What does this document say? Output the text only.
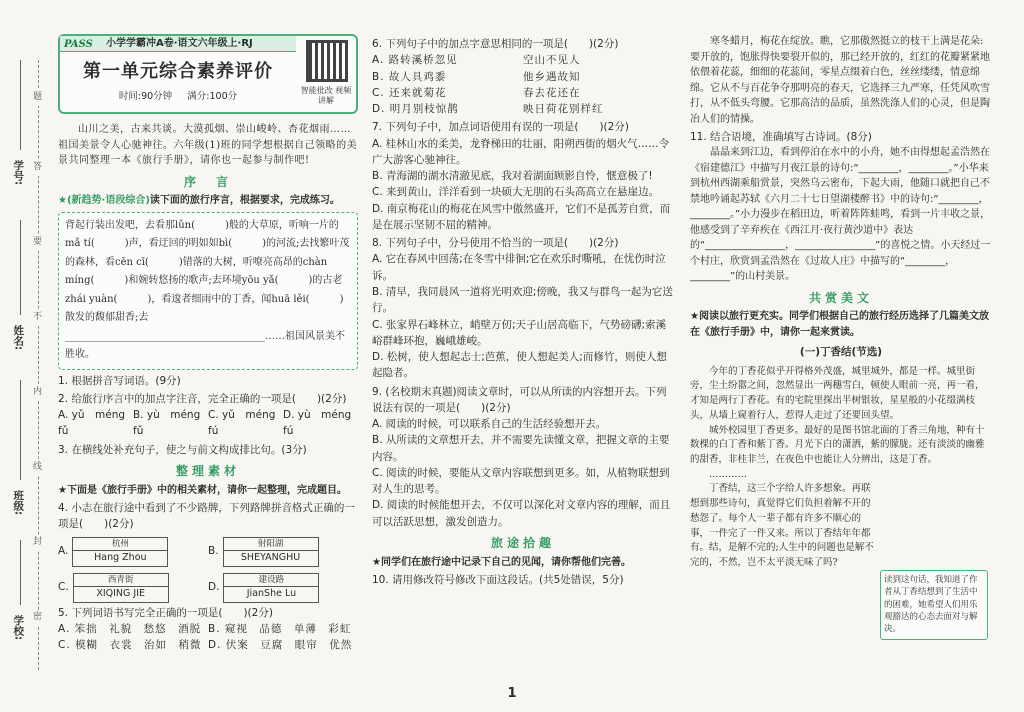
学号:
姓名:
班级:
学校:
题
答
要
不
内
线
封
密
PASS 小学学霸冲A卷·语文六年级上·RJ
第一单元综合素养评价
时间:90分钟 满分:100分
智能批改 视频讲解

山川之美，古来共谈。大漠孤烟、崇山峻岭、杏花烟雨……祖国美景令人心驰神往。六年级(1)班的同学想根据自己领略的美景共同整理一本《旅行手册》，请你也一起参与制作吧!

序　言

★(新趋势·语段综合)读下面的旅行序言，根据要求，完成练习。

背起行装出发吧，去看那lǔn(　　　)般的大草原，听响一片的mǎ tí(　　　)声，看迂回的明如如bì(　　　)的河流;去找繁叶茂的森林，看cēn cī(　　　)错落的大树，听嘹亮高昂的chàn míng(　　　)和婉转悠扬的歌声;去环境yōu yǎ(　　　)的古老zhái yuàn(　　　)，看逡者细雨中的丁香，闻huā lěi(　　　)散发的馥郁甜香;去________________________________________……祖国风景美不胜收。

1. 根据拼音写词语。(9分)

2. 给旅行序言中的加点字注音，完全正确的一项是(　　)(2分)

A. yǔ　méng　fǔ
B. yù　méng　fǔ
C. yǔ　méng　fú
D. yù　méng　fú

3. 在横线处补充句子，使之与前文构成排比句。(3分)

整理素材

★下面是《旅行手册》中的相关素材，请你一起整理，完成题目。

4. 小志在旅行途中看到了不少路牌，下列路牌拼音格式正确的一项是(　　)(2分)

A.
杭州
Hang Zhou	B.
射阳湖
SHEYANGHU
C.
西青街
XIQING JIE	D.
建设路
JianShe Lu

5. 下列词语书写完全正确的一项是(　　)(2分)

A. 笨拙　礼貌　愁悠　酒脱 B. 窥视　品德　单薄　彩虹
C. 模糊　衣裳　治如　稍微 D. 伏案　豆腐　眼帘　优然

6. 下列句子中的加点字意思相同的一项是(　　)(2分)

A. 路转溪桥忽见	空山不见人
B. 故人具鸡黍	他乡遇故知
C. 还来就菊花	春去花还在
D. 明月别枝惊鹊	映日荷花别样红

7. 下列句子中，加点词语使用有误的一项是(　　)(2分)

A. 桂林山水的柔美，龙脊梯田的壮丽，阳朔西街的烟火气……令广大游客心驰神往。

B. 青海湖的湖水清澈见底，我对着湖面顾影自怜，惬意极了!

C. 来到黄山，洋洋看到一块硕大无朋的石头高高立在悬崖边。

D. 南京梅花山的梅花在风雪中傲然盛开，它们不是孤芳自赏，而是在展示坚韧不屈的精神。

8. 下列句子中，分号使用不恰当的一项是(　　)(2分)

A. 它在春风中回荡;在冬雪中徘徊;它在欢乐时嘶吼，在忧伤时泣诉。

B. 清早，我同晨风一道将光明欢迎;傍晚，我又与群鸟一起为它送行。

C. 张家界石峰林立，峭壁万仞;天子山居高临下，气势磅礴;索溪峪群峰环抱，巍峨雄峻。

D. 松树，使人想起志士;芭蕉，使人想起美人;而修竹，则使人想起隐者。

9. (名校期末真题)阅读文章时，可以从所读的内容想开去。下列说法有误的一项是(　　)(2分)

A. 阅读的时候，可以联系自己的生活经验想开去。

B. 从所读的文章想开去，并不需要先读懂文章，把握文章的主要内容。

C. 阅读的时候，要能从文章内容联想到更多。如，从植物联想到对人生的思考。

D. 阅读的时候能想开去，不仅可以深化对文章内容的理解，而且可以活跃思想，激发创造力。

旅途拾趣

★同学们在旅行途中记录下自己的见闻，请你帮他们完善。

10. 请用修改符号修改下面这段话。(共5处错误，5分)

寒冬蜡月，梅花在绽放。瞧，它那傲然挺立的枝干上满是花朵:要开放的，饱胀得快要裂开似的，那已经开放的，红红的花瓣紧紧地依偎着花蕊，细细的花蕊间，零星点缀着白色，丝丝缕缕，情意绵绵。它从不与百花争夺那明亮的春天，它选择三九严寒，任凭风吹雪打，从不低头弯腰。它那高洁的品质，虽然洗涤人们的心灵，但是陶冶人们的情操。

11. 结合语境，准确填写古诗词。(8分)

晶晶来到江边，看到停泊在水中的小舟，她不由得想起孟浩然在《宿建德江》中描写月夜江景的诗句:“________，________。”小华来到杭州西湖乘船赏景，突然乌云密布，下起大雨，他随口就把自己不禁地吟诵起苏轼《六月二十七日望湖楼醉书》中的诗句:“________，________。”小力漫步在稻田边，听着阵阵蛙鸣，看到一片丰收之景，他感受到了辛弃疾在《西江月·夜行黄沙道中》表达的“________________，________________”的喜悦之情。小天经过一个村庄，欣赏到孟浩然在《过故人庄》中描写的“________，________”的山村美景。

共赏美文

★阅读以旅行更充实。同学们根据自己的旅行经历选择了几篇美文放在《旅行手册》中，请你一起来赏读。

(一)丁香结(节选)

今年的丁香花似乎开得格外茂盛，城里城外，都是一样。城里街旁，尘土纷嚣之间，忽然显出一两穗雪白，顿使人眼前一亮，再一看，才知是两行丁香花。有的宅院里探出半树银妆，星星般的小花缀满枝头，从墙上窥着行人，惹得人走过了还要回头望。

城外校园里丁香更多。最好的是图书馆北面的丁香三角地，种有十数棵的白丁香和紫丁香。月光下白的潇洒，紫的朦胧。还有淡淡的幽雅的甜香，非桂非兰，在夜色中也能让人分辨出，这是丁香。

…………

丁香结，这三个字给人许多想象。再联想到那些诗句，真觉得它们负担着解不开的愁怨了。每个人一辈子都有许多不顺心的事，一件完了一件又来。所以丁香结年年都有。结，是解不完的;人生中的问题也是解不完的，不然，岂不太平淡无味了吗?

读到这句话，我知道了作者从丁香结想到了生活中的困难，她希望人们用乐观豁达的心态去面对与解决。
1
